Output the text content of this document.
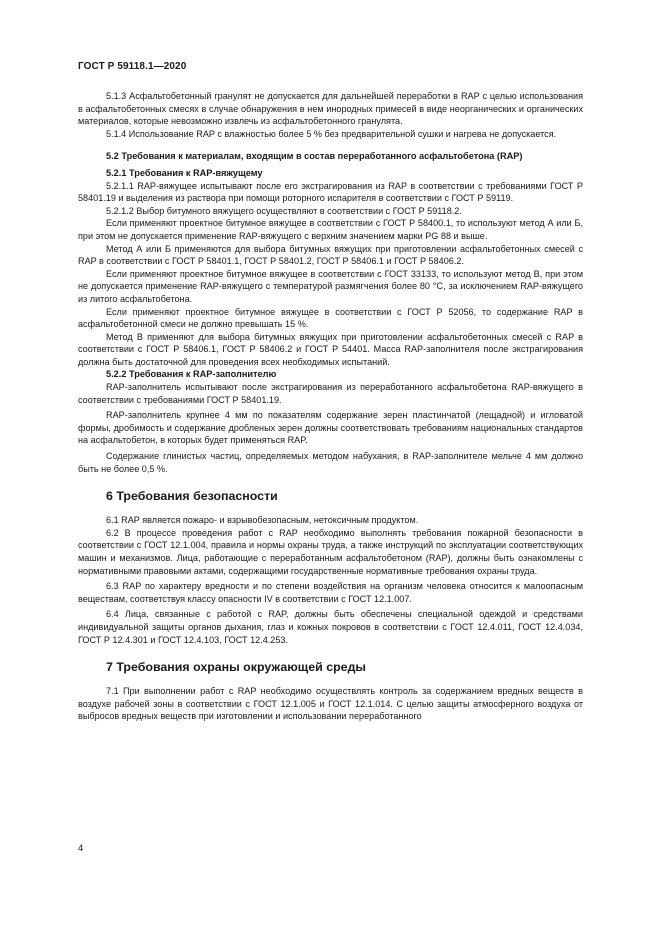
ГОСТ Р 59118.1—2020

5.1.3 Асфальтобетонный гранулят не допускается для дальнейшей переработки в RAP с целью использования в асфальтобетонных смесях в случае обнаружения в нем инородных примесей в виде неорганических и органических материалов, которые невозможно извлечь из асфальтобетонного гранулята.

5.1.4 Использование RAP с влажностью более 5 % без предварительной сушки и нагрева не допускается.

5.2 Требования к материалам, входящим в состав переработанного асфальтобетона (RAP)

5.2.1 Требования к RAP-вяжущему

5.2.1.1 RAP-вяжущее испытывают после его экстрагирования из RAP в соответствии с требованиями ГОСТ Р 58401.19 и выделения из раствора при помощи роторного испарителя в соответствии с ГОСТ Р 59119.

5.2.1.2 Выбор битумного вяжущего осуществляют в соответствии с ГОСТ Р 59118.2.

Если применяют проектное битумное вяжущее в соответствии с ГОСТ Р 58400.1, то используют метод А или Б, при этом не допускается применение RAP-вяжущего с верхним значением марки PG 88 и выше.

Метод А или Б применяются для выбора битумных вяжущих при приготовлении асфальтобетонных смесей с RAP в соответствии с ГОСТ Р 58401.1, ГОСТ Р 58401.2, ГОСТ Р 58406.1 и ГОСТ Р 58406.2.

Если применяют проектное битумное вяжущее в соответствии с ГОСТ 33133, то используют метод В, при этом не допускается применение RAP-вяжущего с температурой размягчения более 80 °С, за исключением RAP-вяжущего из литого асфальтобетона.

Если применяют проектное битумное вяжущее в соответствии с ГОСТ Р 52056, то содержание RAP в асфальтобетонной смеси не должно превышать 15 %.

Метод В применяют для выбора битумных вяжущих при приготовлении асфальтобетонных смесей с RAP в соответствии с ГОСТ Р 58406.1, ГОСТ Р 58406.2 и ГОСТ Р 54401. Масса RAP-заполнителя после экстрагирования должна быть достаточной для проведения всех необходимых испытаний.

5.2.2 Требования к RAP-заполнителю

RAP-заполнитель испытывают после экстрагирования из переработанного асфальтобетона RAP-вяжущего в соответствии с требованиями ГОСТ Р 58401.19.

RAP-заполнитель крупнее 4 мм по показателям содержание зерен пластинчатой (лещадной) и игловатой формы, дробимость и содержание дробленых зерен должны соответствовать требованиям национальных стандартов на асфальтобетон, в которых будет применяться RAP.

Содержание глинистых частиц, определяемых методом набухания, в RAP-заполнителе мельче 4 мм должно быть не более 0,5 %.

6 Требования безопасности

6.1 RAP является пожаро- и взрывобезопасным, нетоксичным продуктом.

6.2 В процессе проведения работ с RAP необходимо выполнять требования пожарной безопасности в соответствии с ГОСТ 12.1.004, правила и нормы охраны труда, а также инструкций по эксплуатации соответствующих машин и механизмов. Лица, работающие с переработанным асфальтобетоном (RAP), должны быть ознакомлены с нормативными правовыми актами, содержащими государственные нормативные требования охраны труда.

6.3 RAP по характеру вредности и по степени воздействия на организм человека относится к малоопасным веществам, соответствуя классу опасности IV в соответствии с ГОСТ 12.1.007.

6.4 Лица, связанные с работой с RAP, должны быть обеспечены специальной одеждой и средствами индивидуальной защиты органов дыхания, глаз и кожных покровов в соответствии с ГОСТ 12.4.011, ГОСТ 12.4.034, ГОСТ Р 12.4.301 и ГОСТ 12.4.103, ГОСТ 12.4.253.

7 Требования охраны окружающей среды

7.1 При выполнении работ с RAP необходимо осуществлять контроль за содержанием вредных веществ в воздухе рабочей зоны в соответствии с ГОСТ 12.1.005 и ГОСТ 12.1.014. С целью защиты атмосферного воздуха от выбросов вредных веществ при изготовлении и использовании переработанного

4
